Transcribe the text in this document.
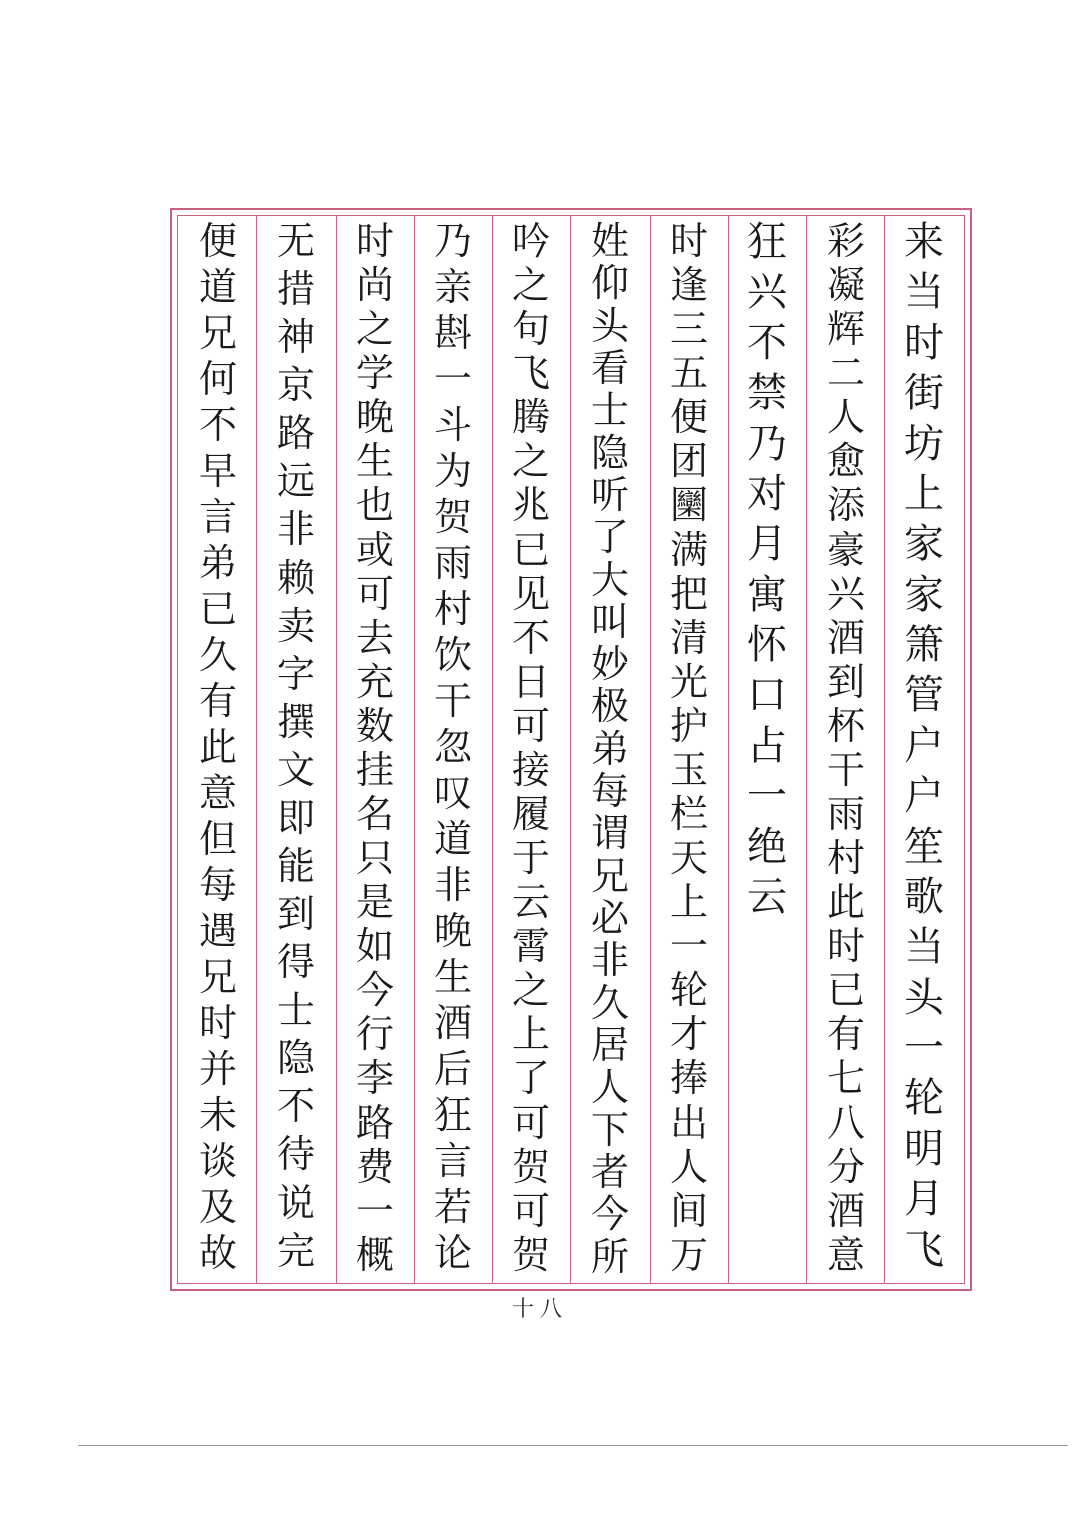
来
当
时
街
坊
上
家
家
箫
管
户
户
笙
歌
当
头
一
轮
明
月
飞
彩
凝
辉
二
人
愈
添
豪
兴
酒
到
杯
干
雨
村
此
时
已
有
七
八
分
酒
意
狂
兴
不
禁
乃
对
月
寓
怀
口
占
一
绝
云
时
逢
三
五
便
团
圞
满
把
清
光
护
玉
栏
天
上
一
轮
才
捧
出
人
间
万
姓
仰
头
看
士
隐
听
了
大
叫
妙
极
弟
每
谓
兄
必
非
久
居
人
下
者
今
所
吟
之
句
飞
腾
之
兆
已
见
不
日
可
接
履
于
云
霄
之
上
了
可
贺
可
贺
乃
亲
斟
一
斗
为
贺
雨
村
饮
干
忽
叹
道
非
晚
生
酒
后
狂
言
若
论
时
尚
之
学
晚
生
也
或
可
去
充
数
挂
名
只
是
如
今
行
李
路
费
一
概
无
措
神
京
路
远
非
赖
卖
字
撰
文
即
能
到
得
士
隐
不
待
说
完
便
道
兄
何
不
早
言
弟
已
久
有
此
意
但
每
遇
兄
时
并
未
谈
及
故
十八
